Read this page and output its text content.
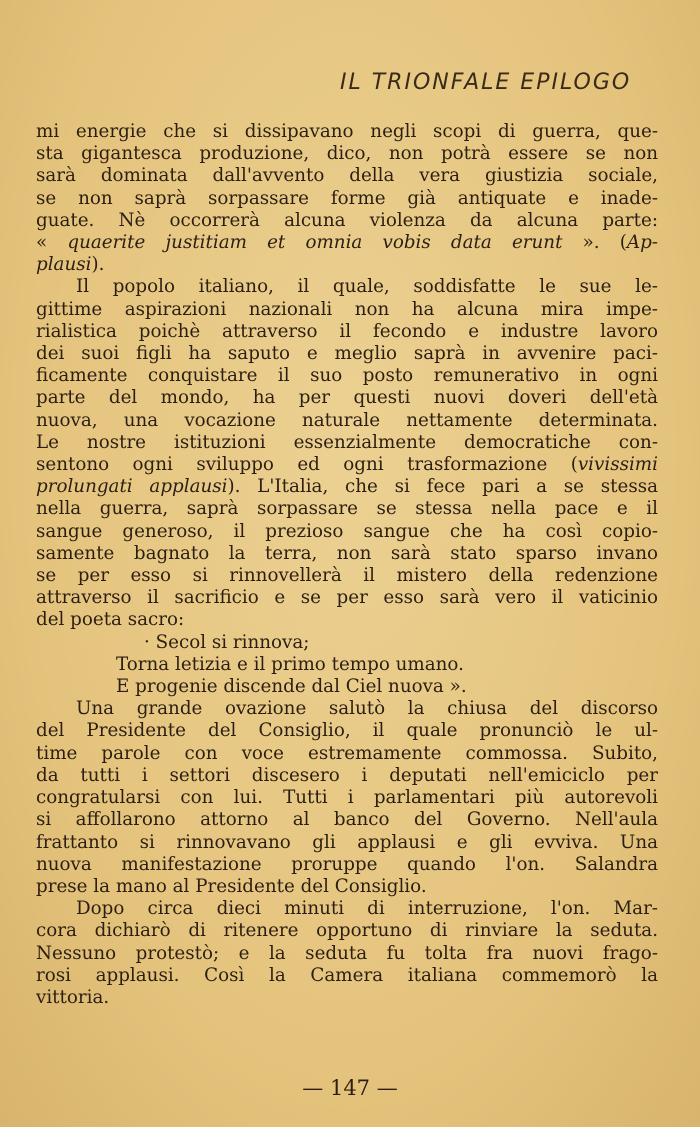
IL TRIONFALE EPILOGO
mi energie che si dissipavano negli scopi di guerra, que-
sta gigantesca produzione, dico, non potrà essere se non
sarà dominata dall'avvento della vera giustizia sociale,
se non saprà sorpassare forme già antiquate e inade-
guate. Nè occorrerà alcuna violenza da alcuna parte:
« quaerite justitiam et omnia vobis data erunt ». (Ap-
plausi).
Il popolo italiano, il quale, soddisfatte le sue le-
gittime aspirazioni nazionali non ha alcuna mira impe-
rialistica poichè attraverso il fecondo e industre lavoro
dei suoi figli ha saputo e meglio saprà in avvenire paci-
ficamente conquistare il suo posto remunerativo in ogni
parte del mondo, ha per questi nuovi doveri dell'età
nuova, una vocazione naturale nettamente determinata.
Le nostre istituzioni essenzialmente democratiche con-
sentono ogni sviluppo ed ogni trasformazione (vivissimi
prolungati applausi). L'Italia, che si fece pari a se stessa
nella guerra, saprà sorpassare se stessa nella pace e il
sangue generoso, il prezioso sangue che ha così copio-
samente bagnato la terra, non sarà stato sparso invano
se per esso si rinnovellerà il mistero della redenzione
attraverso il sacrificio e se per esso sarà vero il vaticinio
del poeta sacro:
· Secol si rinnova;
Torna letizia e il primo tempo umano.
E progenie discende dal Ciel nuova ».
Una grande ovazione salutò la chiusa del discorso
del Presidente del Consiglio, il quale pronunciò le ul-
time parole con voce estremamente commossa. Subito,
da tutti i settori discesero i deputati nell'emiciclo per
congratularsi con lui. Tutti i parlamentari più autorevoli
si affollarono attorno al banco del Governo. Nell'aula
frattanto si rinnovavano gli applausi e gli evviva. Una
nuova manifestazione proruppe quando l'on. Salandra
prese la mano al Presidente del Consiglio.
Dopo circa dieci minuti di interruzione, l'on. Mar-
cora dichiarò di ritenere opportuno di rinviare la seduta.
Nessuno protestò; e la seduta fu tolta fra nuovi frago-
rosi applausi. Così la Camera italiana commemorò la
vittoria.
— 147 —
